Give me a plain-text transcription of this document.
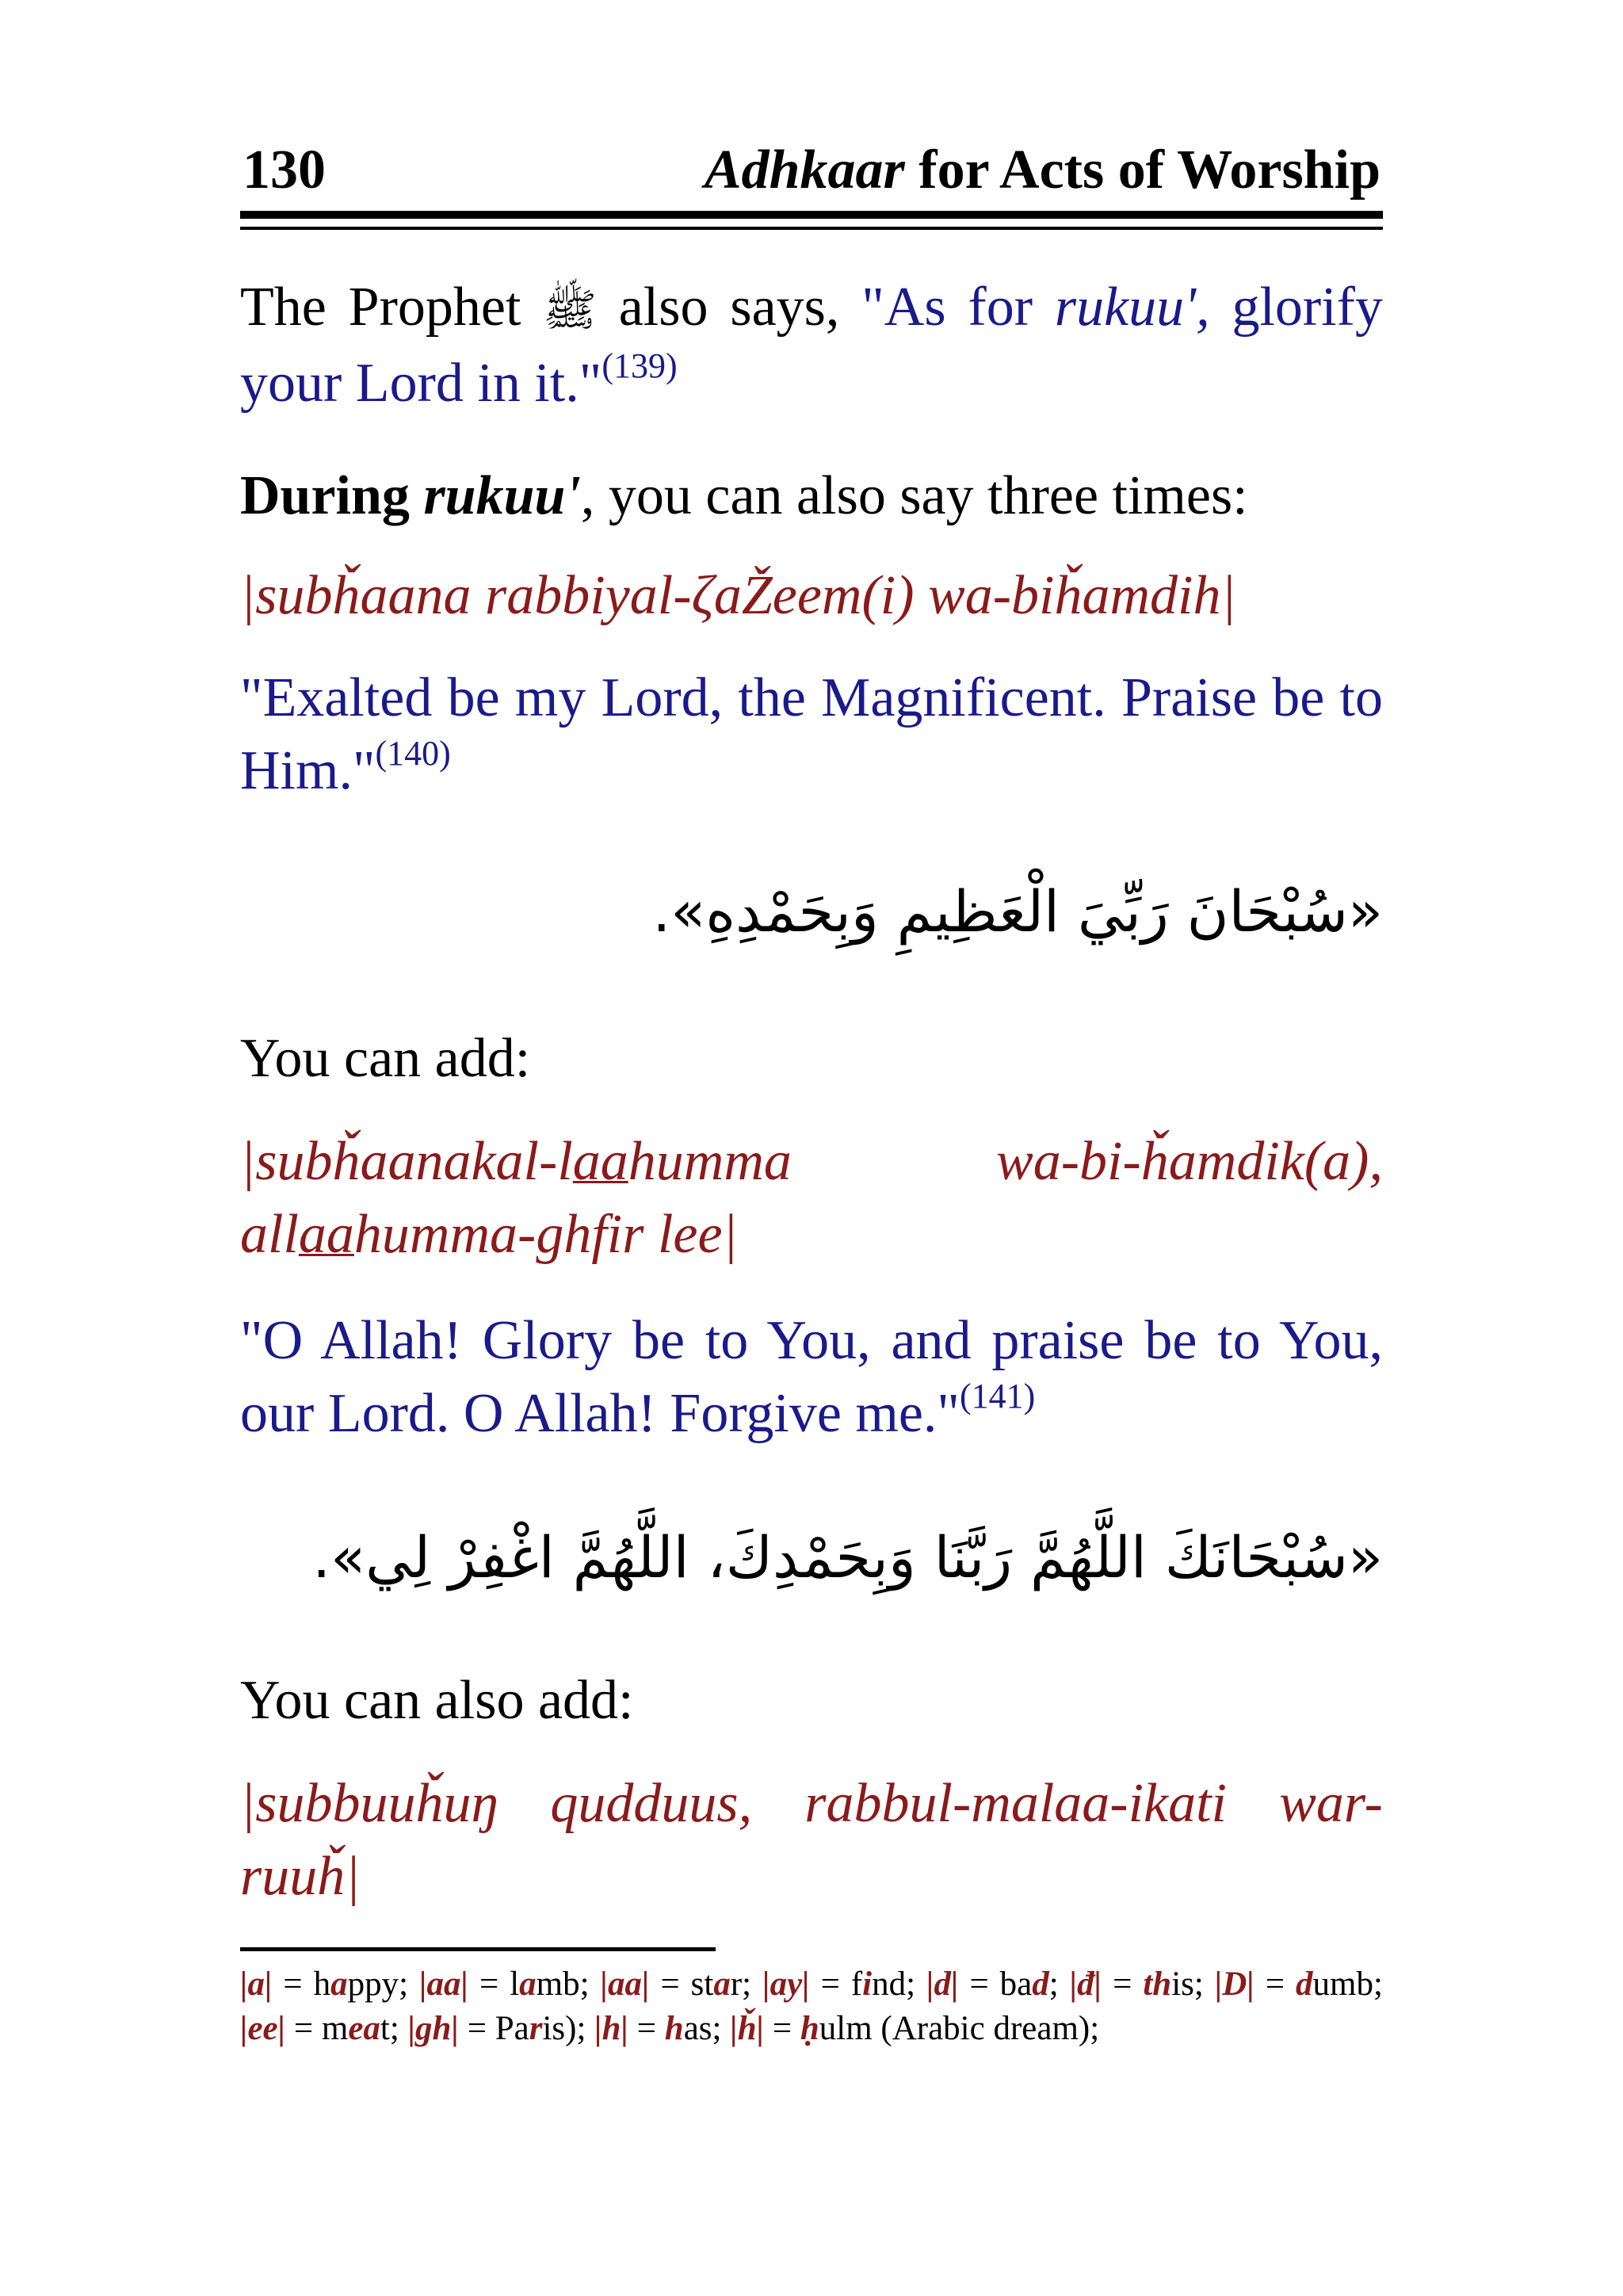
130	Adhkaar for Acts of Worship
The Prophet ﷺ also says, "As for rukuu', glorify your Lord in it."$^{(139)}$
During rukuu', you can also say three times:
|subȟaana rabbiyal-ζaŽeem(i) wa-biȟamdih|
"Exalted be my Lord, the Magnificent. Praise be to Him."$^{(140)}$
«سُبْحَانَ رَبِّيَ الْعَظِيمِ وَبِحَمْدِهِ».
You can add:
|subȟaanakal-laahumma wa-bi-ȟamdik(a), allaahumma-ghfir lee|
"O Allah! Glory be to You, and praise be to You, our Lord. O Allah! Forgive me."$^{(141)}$
«سُبْحَانَكَ اللَّهُمَّ رَبَّنَا وَبِحَمْدِكَ، اللَّهُمَّ اغْفِرْ لِي».
You can also add:
|subbuuȟuŋ qudduus, rabbul-malaa-ikati war-ruuȟ|
|a| = happy; |aa| = lamb; |aa| = star; |ay| = find; |d| = bad; |đ| = this; |D| = dumb; |ee| = meat; |gh| = Paris); |h| = has; |ȟ| = ḥulm (Arabic dream);
